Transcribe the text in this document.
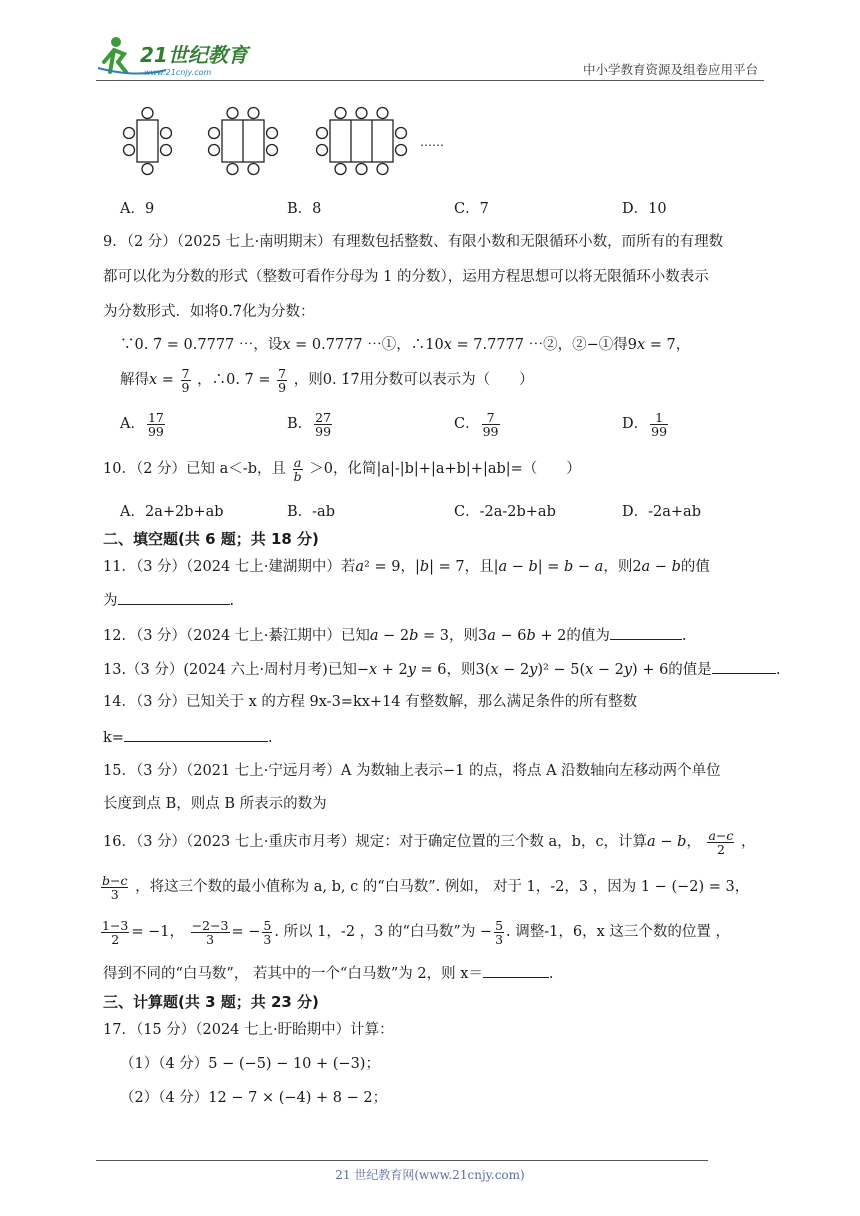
21世纪教育
www.21cnjy.com	中小学教育资源及组卷应用平台
……
A．9	B．8	C．7	D．10
9．（2 分）（2025 七上·南明期末）有理数包括整数、有限小数和无限循环小数，而所有的有理数
都可以化为分数的形式（整数可看作分母为 1 的分数），运用方程思想可以将无限循环小数表示
为分数形式．如将0.7̇化为分数：
∵0. 7̇ = 0.7777 ⋯，设𝑥 = 0.7777 ⋯①，∴10𝑥 = 7.7777 ⋯②，②−①得9𝑥 = 7，
解得𝑥 = $\frac{7}{9}$ ，∴0. 7̇ = $\frac{7}{9}$ ，则0. 1̇7̇用分数可以表示为（　　）
A． $\frac{17}{99}$	B． $\frac{27}{99}$	C． $\frac{7}{99}$	D． $\frac{1}{99}$
10．（2 分）已知 a＜-b，且 $\frac{a}{b} >0$，化简|a|-|b|+|a+b|+|ab|=（　　）
A．2a+2b+ab	B．-ab	C．-2a-2b+ab	D．-2a+ab
二、填空题(共 6 题；共 18 分)
11．（3 分）（2024 七上·建湖期中）若𝑎² = 9，|𝑏| = 7，且|𝑎 − 𝑏| = 𝑏 − 𝑎，则2𝑎 − 𝑏的值
为	.
12．（3 分）（2024 七上·綦江期中）已知𝑎 − 2𝑏 = 3，则3𝑎 − 6𝑏 + 2的值为	.
13.（3 分）(2024 六上·周村月考)已知−𝑥 + 2𝑦 = 6，则3(𝑥 − 2𝑦)² − 5(𝑥 − 2𝑦) + 6的值是	.
14．（3 分）已知关于 x 的方程 9x-3=kx+14 有整数解，那么满足条件的所有整数
k=	.
15．（3 分）（2021 七上·宁远月考）A 为数轴上表示−1 的点，将点 A 沿数轴向左移动两个单位
长度到点 B，则点 B 所表示的数为
16．（3 分）（2023 七上·重庆市月考）规定：对于确定位置的三个数 a，b，c，计算𝑎 − 𝑏， $\frac{\text{𝑎−𝑐}}{2}$ ，
$\frac{\text{𝑏−𝑐}}{3}$ ，将这三个数的最小值称为 a, b, c 的“白马数”. 例如， 对于 1，-2，3 ，因为 1 − (−2) = 3，
$\frac{1-3}{2} = -1$， $\frac{-2-3}{3}$ = − $\frac{5}{3}$ . 所以 1，-2 ，3 的“白马数”为 − $\frac{5}{3}$ . 调整-1，6，x 这三个数的位置 ，
得到不同的“白马数”， 若其中的一个“白马数”为 2，则 x＝	.
三、计算题(共 3 题；共 23 分)
17．（15 分）（2024 七上·盱眙期中）计算：
（1）（4 分）5 − (−5) − 10 + (−3)；
（2）（4 分）12 − 7 × (−4) + 8 − 2；
21 世纪教育网(www.21cnjy.com)
